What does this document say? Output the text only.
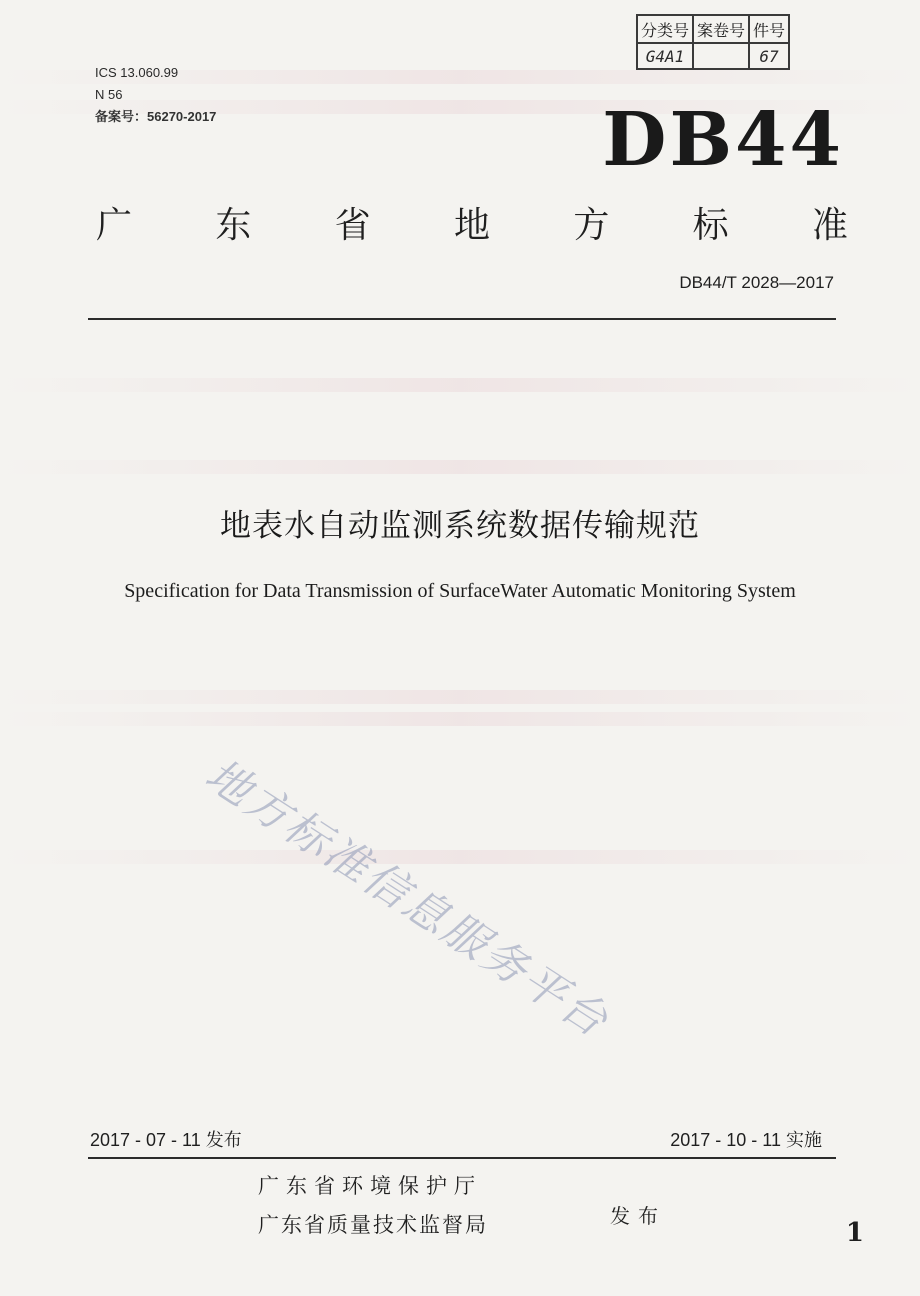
ICS 13.060.99
N 56
备案号：56270-2017
分类号	案卷号	件号
G4A1		67
DB44
广 东 省 地 方 标 准
DB44/T 2028—2017
地表水自动监测系统数据传输规范
Specification for Data Transmission of SurfaceWater Automatic Monitoring System
地方标准信息服务平台
2017 - 07 - 11 发布	2017 - 10 - 11 实施
广东省环境保护厅
广东省质量技术监督局	发布
1
